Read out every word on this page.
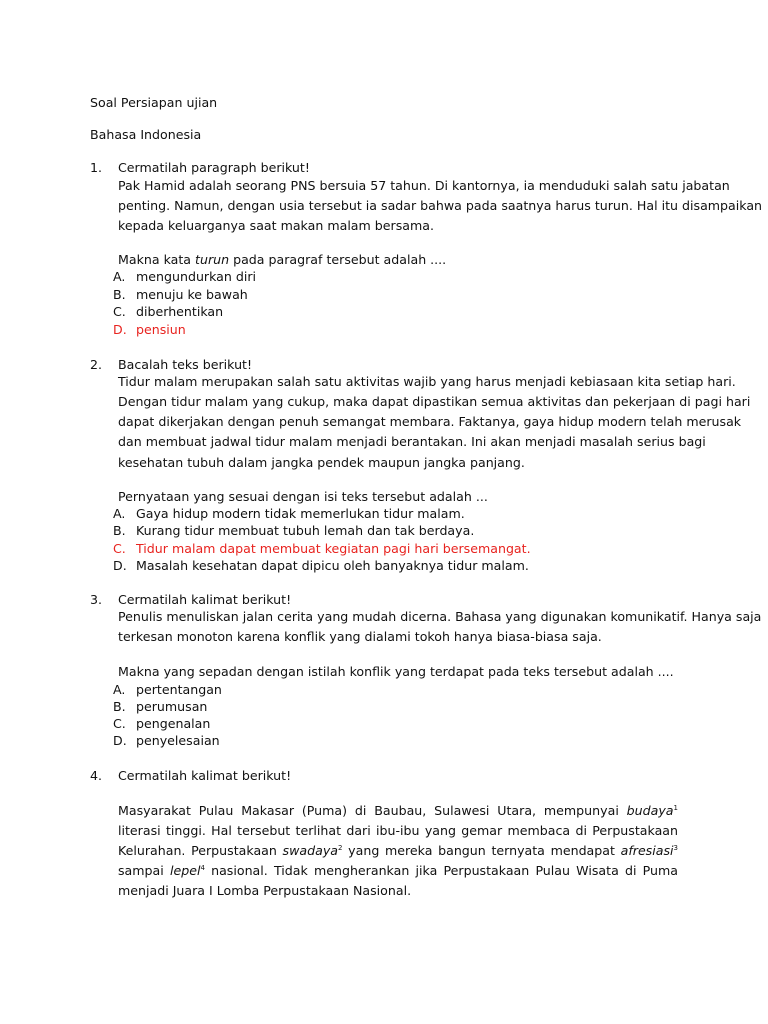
Soal Persiapan ujian
Bahasa Indonesia
1. Cermatilah paragraph berikut!
Pak Hamid adalah seorang PNS bersuia 57 tahun. Di kantornya, ia menduduki salah satu jabatan
penting. Namun, dengan usia tersebut ia sadar bahwa pada saatnya harus turun. Hal itu disampaikan
kepada keluarganya saat makan malam bersama.
Makna kata turun pada paragraf tersebut adalah ....
A. mengundurkan diri
B. menuju ke bawah
C. diberhentikan
D. pensiun
2. Bacalah teks berikut!
Tidur malam merupakan salah satu aktivitas wajib yang harus menjadi kebiasaan kita setiap hari.
Dengan tidur malam yang cukup, maka dapat dipastikan semua aktivitas dan pekerjaan di pagi hari
dapat dikerjakan dengan penuh semangat membara. Faktanya, gaya hidup modern telah merusak
dan membuat jadwal tidur malam menjadi berantakan. Ini akan menjadi masalah serius bagi
kesehatan tubuh dalam jangka pendek maupun jangka panjang.
Pernyataan yang sesuai dengan isi teks tersebut adalah ...
A. Gaya hidup modern tidak memerlukan tidur malam.
B. Kurang tidur membuat tubuh lemah dan tak berdaya.
C. Tidur malam dapat membuat kegiatan pagi hari bersemangat.
D. Masalah kesehatan dapat dipicu oleh banyaknya tidur malam.
3. Cermatilah kalimat berikut!
Penulis menuliskan jalan cerita yang mudah dicerna. Bahasa yang digunakan komunikatif. Hanya saja
terkesan monoton karena konflik yang dialami tokoh hanya biasa-biasa saja.
Makna yang sepadan dengan istilah konflik yang terdapat pada teks tersebut adalah ....
A. pertentangan
B. perumusan
C. pengenalan
D. penyelesaian
4. Cermatilah kalimat berikut!
Masyarakat Pulau Makasar (Puma) di Baubau, Sulawesi Utara, mempunyai budaya$^1$ literasi tinggi. Hal tersebut terlihat dari ibu-ibu yang gemar membaca di Perpustakaan Kelurahan. Perpustakaan swadaya$^2$ yang mereka bangun ternyata mendapat afresiasi$^3$ sampai lepel$^4$ nasional. Tidak mengherankan jika Perpustakaan Pulau Wisata di Puma menjadi Juara I Lomba Perpustakaan Nasional.
